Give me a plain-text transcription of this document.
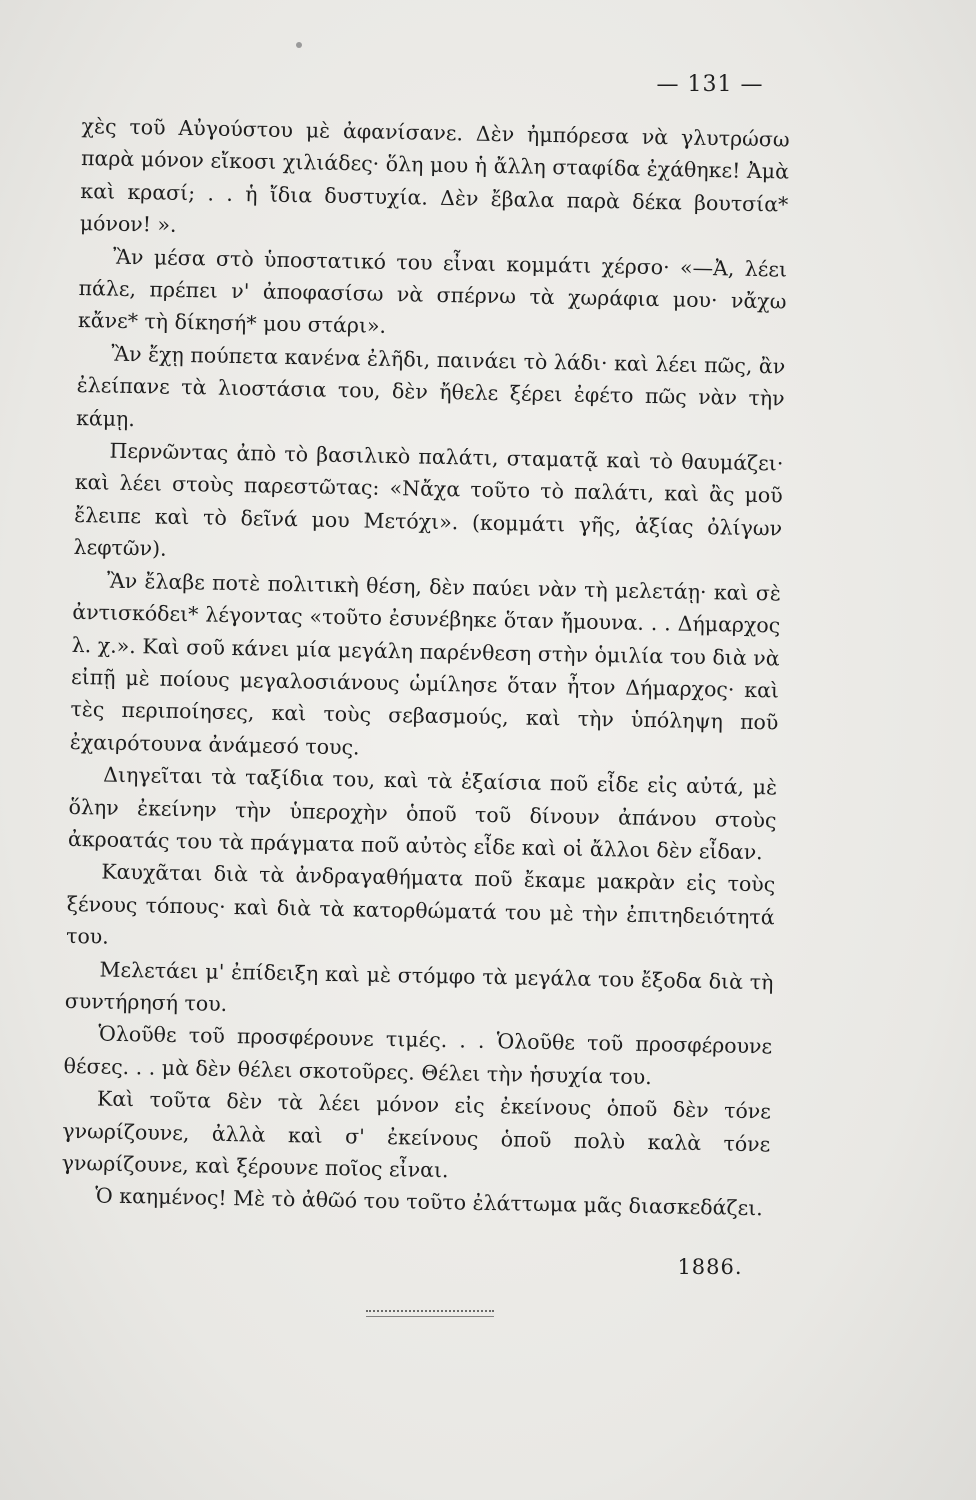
— 131 —

χὲς τοῦ Αὐγούστου μὲ ἀφανίσανε. Δὲν ἠμπόρεσα νὰ γλυτρώσω παρὰ μόνον εἴκοσι χιλιάδες· ὅλη μου ἡ ἄλλη σταφίδα ἐχάθηκε! Ἀμὰ καὶ κρασί; . . ἡ ἴδια δυστυχία. Δὲν ἔβαλα παρὰ δέκα βουτσία* μόνον! ».

Ἂν μέσα στὸ ὑποστατικό του εἶναι κομμάτι χέρσο· «—Ἀ, λέει πάλε, πρέπει ν' ἀποφασίσω νὰ σπέρνω τὰ χωράφια μου· νἄχω κἄνε* τὴ δίκησή* μου στάρι».

Ἂν ἔχῃ πούπετα κανένα ἐλῆδι, παινάει τὸ λάδι· καὶ λέει πῶς, ἂν ἐλείπανε τὰ λιοστάσια του, δὲν ἤθελε ξέρει ἐφέτο πῶς νὰν τὴν κάμῃ.

Περνῶντας ἀπὸ τὸ βασιλικὸ παλάτι, σταματᾷ καὶ τὸ θαυμάζει· καὶ λέει στοὺς παρεστῶτας: «Νἄχα τοῦτο τὸ παλάτι, καὶ ἂς μοῦ ἔλειπε καὶ τὸ δεῖνά μου Μετόχι». (κομμάτι γῆς, ἀξίας ὀλίγων λεφτῶν).

Ἂν ἔλαβε ποτὲ πολιτικὴ θέση, δὲν παύει νὰν τὴ μελετάῃ· καὶ σὲ ἀντισκόδει* λέγοντας «τοῦτο ἐσυνέβηκε ὅταν ἤμουνα. . . Δήμαρχος λ. χ.». Καὶ σοῦ κάνει μία μεγάλη παρένθεση στὴν ὁμιλία του διὰ νὰ εἰπῇ μὲ ποίους μεγαλοσιάνους ὡμίλησε ὅταν ἦτον Δήμαρχος· καὶ τὲς περιποίησες, καὶ τοὺς σεβασμούς, καὶ τὴν ὑπόληψη ποῦ ἐχαιρότουνα ἀνάμεσό τους.

Διηγεῖται τὰ ταξίδια του, καὶ τὰ ἐξαίσια ποῦ εἶδε εἰς αὐτά, μὲ ὅλην ἐκείνην τὴν ὑπεροχὴν ὁποῦ τοῦ δίνουν ἀπάνου στοὺς ἀκροατάς του τὰ πράγματα ποῦ αὐτὸς εἶδε καὶ οἱ ἄλλοι δὲν εἶδαν.

Καυχᾶται διὰ τὰ ἀνδραγαθήματα ποῦ ἔκαμε μακρὰν εἰς τοὺς ξένους τόπους· καὶ διὰ τὰ κατορθώματά του μὲ τὴν ἐπιτηδειότητά του.

Μελετάει μ' ἐπίδειξη καὶ μὲ στόμφο τὰ μεγάλα του ἔξοδα διὰ τὴ συντήρησή του.

Ὁλοῦθε τοῦ προσφέρουνε τιμές. . . Ὁλοῦθε τοῦ προσφέρουνε θέσες. . . μὰ δὲν θέλει σκοτοῦρες. Θέλει τὴν ἡσυχία του.

Καὶ τοῦτα δὲν τὰ λέει μόνον εἰς ἐκείνους ὁποῦ δὲν τόνε γνωρίζουνε, ἀλλὰ καὶ σ' ἐκείνους ὁποῦ πολὺ καλὰ τόνε γνωρίζουνε, καὶ ξέρουνε ποῖος εἶναι.

Ὁ καημένος! Μὲ τὸ ἀθῶό του τοῦτο ἐλάττωμα μᾶς διασκεδάζει.

1886.
